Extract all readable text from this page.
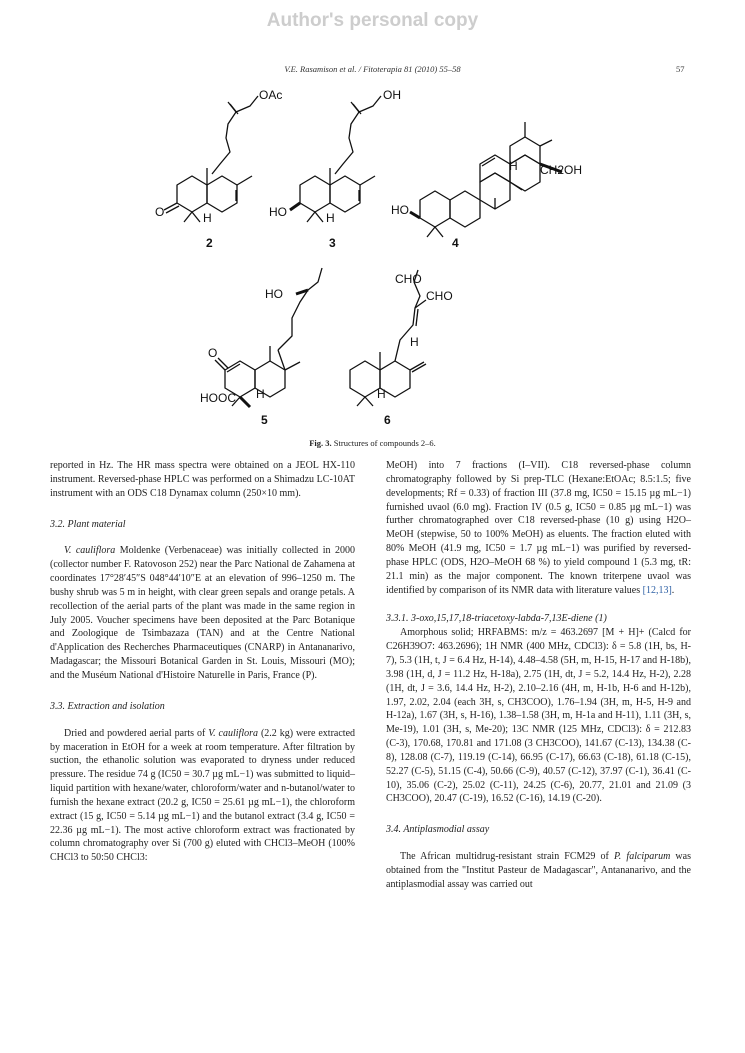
Author's personal copy
V.E. Rasamison et al. / Fitoterapia 81 (2010) 55–58	57
OAc
O	H
2
OH
HO	H
3
H CH2OH
HO
4
HO
O
HOOC H
5
CHO
CHO
H
H
6
Fig. 3. Structures of compounds 2–6.

reported in Hz. The HR mass spectra were obtained on a JEOL HX-110 instrument. Reversed-phase HPLC was performed on a Shimadzu LC-10AT instrument with an ODS C18 Dynamax column (250×10 mm).

3.2. Plant material

V. cauliflora Moldenke (Verbenaceae) was initially collected in 2000 (collector number F. Ratovoson 252) near the Parc National de Zahamena at coordinates 17°28′45″S 048°44′10″E at an elevation of 996–1250 m. The bushy shrub was 5 m in height, with clear green sepals and orange petals. A recollection of the aerial parts of the plant was made in the same region in July 2005. Voucher specimens have been deposited at the Parc Botanique and Zoologique de Tsimbazaza (TAN) and at the Centre National d'Application des Recherches Pharmaceutiques (CNARP) in Antananarivo, Madagascar; the Missouri Botanical Garden in St. Louis, Missouri (MO); and the Muséum National d'Histoire Naturelle in Paris, France (P).

3.3. Extraction and isolation

Dried and powdered aerial parts of V. cauliflora (2.2 kg) were extracted by maceration in EtOH for a week at room temperature. After filtration by suction, the ethanolic solution was evaporated to dryness under reduced pressure. The residue 74 g (IC50 = 30.7 µg mL−1) was submitted to liquid–liquid partition with hexane/water, chloroform/water and n-butanol/water to furnish the hexane extract (20.2 g, IC50 = 25.61 µg mL−1), the chloroform extract (15 g, IC50 = 5.14 µg mL−1) and the butanol extract (3.4 g, IC50 = 22.36 µg mL−1). The most active chloroform extract was fractionated by column chromatography over Si (700 g) eluted with CHCl3–MeOH (100% CHCl3 to 50:50 CHCl3:

MeOH) into 7 fractions (I–VII). C18 reversed-phase column chromatography followed by Si prep-TLC (Hexane:EtOAc; 8.5:1.5; five developments; Rf = 0.33) of fraction III (37.8 mg, IC50 = 15.15 µg mL−1) furnished uvaol (6.0 mg). Fraction IV (0.5 g, IC50 = 0.85 µg mL−1) was further chromatographed over C18 reversed-phase (10 g) using H2O–MeOH (stepwise, 50 to 100% MeOH) as eluents. The fraction eluted with 80% MeOH (41.9 mg, IC50 = 1.7 µg mL−1) was purified by reversed-phase HPLC (ODS, H2O–MeOH 68 %) to yield compound 1 (5.3 mg, tR: 21.1 min) as the major component. The known triterpene uvaol was identified by comparison of its NMR data with literature values [12,13].

3.3.1. 3-oxo,15,17,18-triacetoxy-labda-7,13E-diene (1)

Amorphous solid; HRFABMS: m/z = 463.2697 [M + H]+ (Calcd for C26H39O7: 463.2696); 1H NMR (400 MHz, CDCl3): δ = 5.8 (1H, bs, H-7), 5.3 (1H, t, J = 6.4 Hz, H-14), 4.48–4.58 (5H, m, H-15, H-17 and H-18b), 3.98 (1H, d, J = 11.2 Hz, H-18a), 2.75 (1H, dt, J = 5.2, 14.4 Hz, H-2), 2.28 (1H, dt, J = 3.6, 14.4 Hz, H-2), 2.10–2.16 (4H, m, H-1b, H-6 and H-12b), 1.97, 2.02, 2.04 (each 3H, s, CH3COO), 1.76–1.94 (3H, m, H-5, H-9 and H-12a), 1.67 (3H, s, H-16), 1.38–1.58 (3H, m, H-1a and H-11), 1.11 (3H, s, Me-19), 1.01 (3H, s, Me-20); 13C NMR (125 MHz, CDCl3): δ = 212.83 (C-3), 170.68, 170.81 and 171.08 (3 CH3COO), 141.67 (C-13), 134.38 (C-8), 128.08 (C-7), 119.19 (C-14), 66.95 (C-17), 66.63 (C-18), 61.18 (C-15), 52.27 (C-5), 51.15 (C-4), 50.66 (C-9), 40.57 (C-12), 37.97 (C-1), 36.41 (C-10), 35.06 (C-2), 25.02 (C-11), 24.25 (C-6), 20.77, 21.01 and 21.09 (3 CH3COO), 20.47 (C-19), 16.52 (C-16), 14.19 (C-20).

3.4. Antiplasmodial assay

The African multidrug-resistant strain FCM29 of P. falciparum was obtained from the "Institut Pasteur de Madagascar", Antananarivo, and the antiplasmodial assay was carried out
